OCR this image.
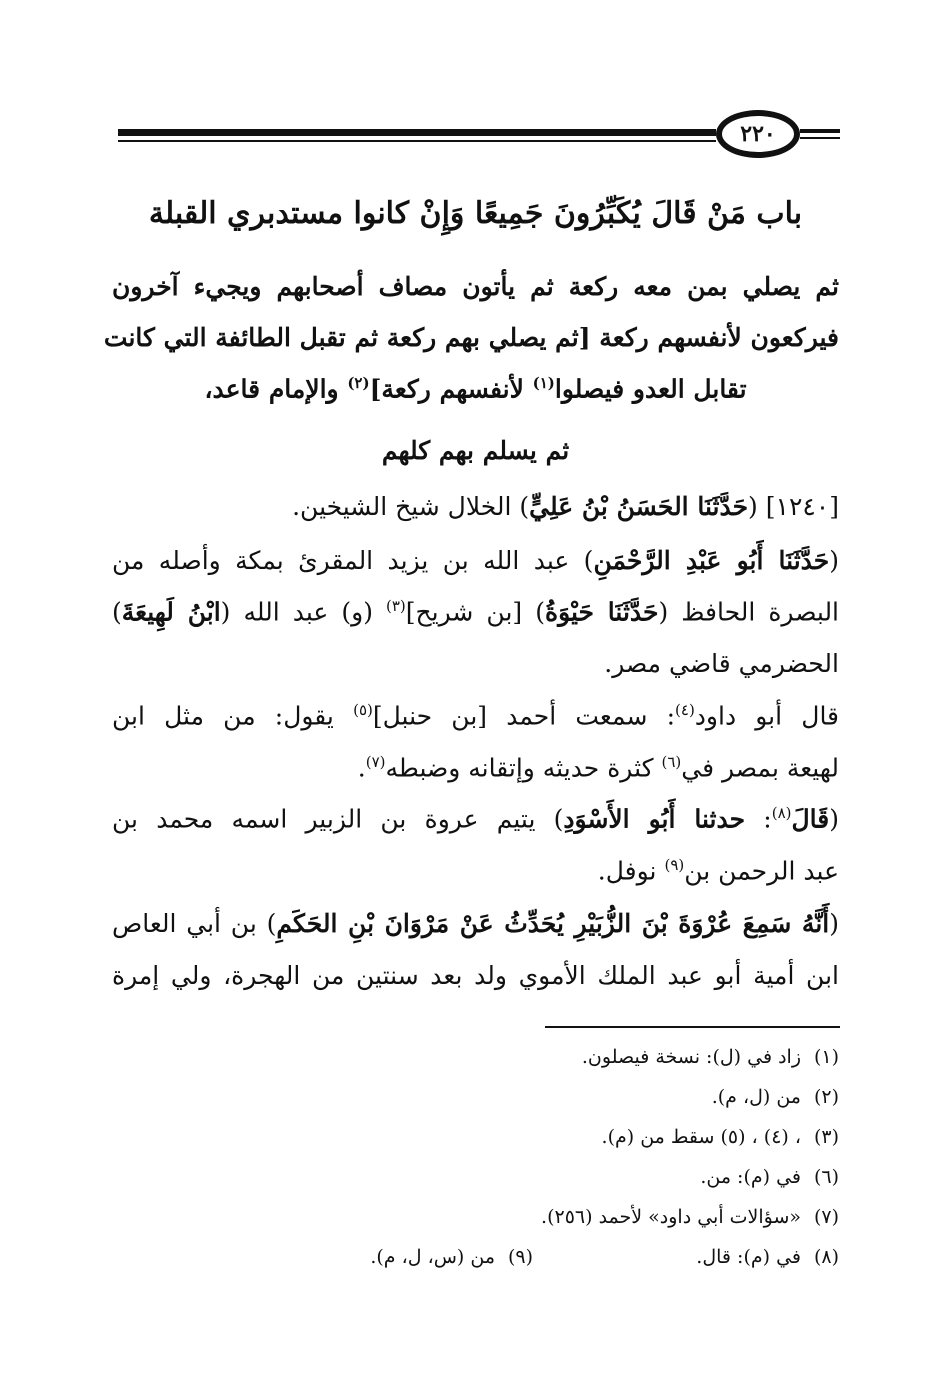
٢٢٠
باب مَنْ قَالَ يُكَبِّرُونَ جَمِيعًا وَإِنْ كانوا مستدبري القبلة
ثم يصلي بمن معه ركعة ثم يأتون مصاف أصحابهم ويجيء آخرون
فيركعون لأنفسهم ركعة [ثم يصلي بهم ركعة ثم تقبل الطائفة التي كانت
تقابل العدو فيصلوا$^{(١)}$ لأنفسهم ركعة]$^{(٢)}$ والإمام قاعد،
ثم يسلم بهم كلهم
[١٢٤٠] (حَدَّثَنَا الحَسَنُ بْنُ عَلِيٍّ) الخلال شيخ الشيخين.
(حَدَّثَنَا أَبُو عَبْدِ الرَّحْمَنِ) عبد الله بن يزيد المقرئ بمكة وأصله من
البصرة الحافظ (حَدَّثَنَا حَيْوَةُ) [بن شريح]$^{(٣)}$ (و) عبد الله (ابْنُ لَهِيعَةَ)
الحضرمي قاضي مصر.
قال أبو داود$^{(٤)}$: سمعت أحمد [بن حنبل]$^{(٥)}$ يقول: من مثل ابن
لهيعة بمصر في$^{(٦)}$ كثرة حديثه وإتقانه وضبطه$^{(٧)}$.
(قَالَ$^{(٨)}$: حدثنا أَبُو الأَسْوَدِ) يتيم عروة بن الزبير اسمه محمد بن
عبد الرحمن بن$^{(٩)}$ نوفل.
(أَنَّهُ سَمِعَ عُرْوَةَ بْنَ الزُّبَيْرِ يُحَدِّثُ عَنْ مَرْوَانَ بْنِ الحَكَمِ) بن أبي العاص
ابن أمية أبو عبد الملك الأموي ولد بعد سنتين من الهجرة، ولي إمرة
(١)زاد في (ل): نسخة فيصلون.
(٢)من (ل، م).
(٣)، (٤) ، (٥) سقط من (م).
(٦)في (م): من.
(٧)«سؤالات أبي داود» لأحمد (٢٥٦).
(٨)في (م): قال.
(٩)من (س، ل، م).
